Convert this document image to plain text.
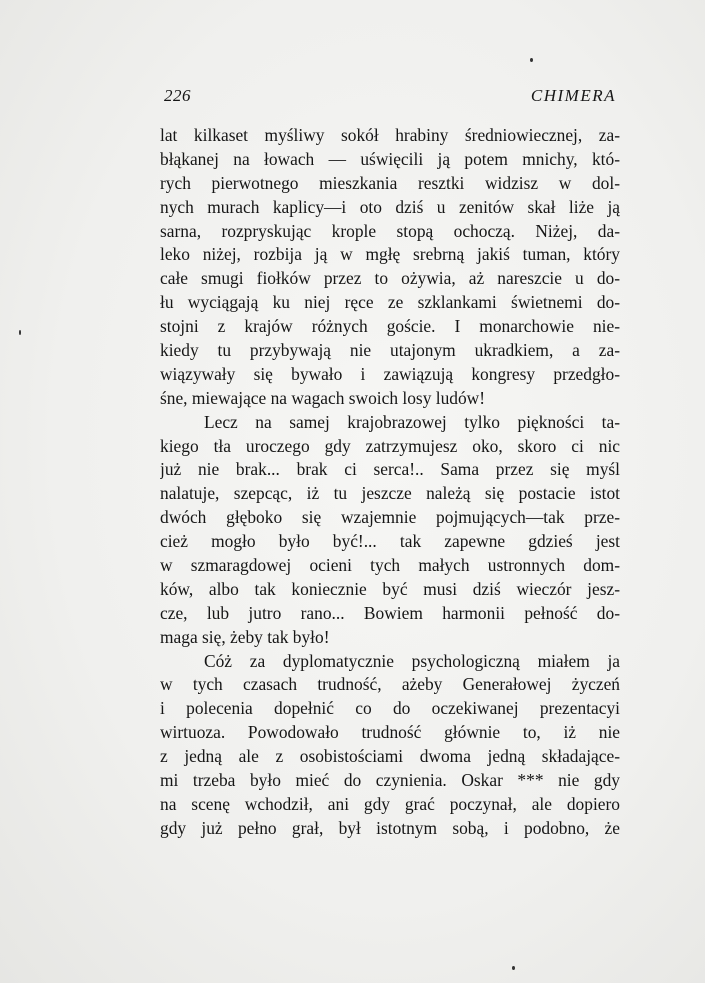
226	CHIMERA
lat kilkaset myśliwy sokół hrabiny średniowiecznej, za-
błąkanej na łowach — uświęcili ją potem mnichy, któ-
rych pierwotnego mieszkania resztki widzisz w dol-
nych murach kaplicy—i oto dziś u zenitów skał liże ją
sarna, rozpryskując krople stopą ochoczą. Niżej, da-
leko niżej, rozbija ją w mgłę srebrną jakiś tuman, który
całe smugi fiołków przez to ożywia, aż nareszcie u do-
łu wyciągają ku niej ręce ze szklankami świetnemi do-
stojni z krajów różnych goście. I monarchowie nie-
kiedy tu przybywają nie utajonym ukradkiem, a za-
wiązywały się bywało i zawiązują kongresy przedgło-
śne, miewające na wagach swoich losy ludów!
Lecz na samej krajobrazowej tylko piękności ta-
kiego tła uroczego gdy zatrzymujesz oko, skoro ci nic
już nie brak... brak ci serca!.. Sama przez się myśl
nalatuje, szepcąc, iż tu jeszcze należą się postacie istot
dwóch głęboko się wzajemnie pojmujących—tak prze-
cież mogło było być!... tak zapewne gdzieś jest
w szmaragdowej ocieni tych małych ustronnych dom-
ków, albo tak koniecznie być musi dziś wieczór jesz-
cze, lub jutro rano... Bowiem harmonii pełność do-
maga się, żeby tak było!
Cóż za dyplomatycznie psychologiczną miałem ja
w tych czasach trudność, ażeby Generałowej życzeń
i polecenia dopełnić co do oczekiwanej prezentacyi
wirtuoza. Powodowało trudność głównie to, iż nie
z jedną ale z osobistościami dwoma jedną składające-
mi trzeba było mieć do czynienia. Oskar *** nie gdy
na scenę wchodził, ani gdy grać poczynał, ale dopiero
gdy już pełno grał, był istotnym sobą, i podobno, że
